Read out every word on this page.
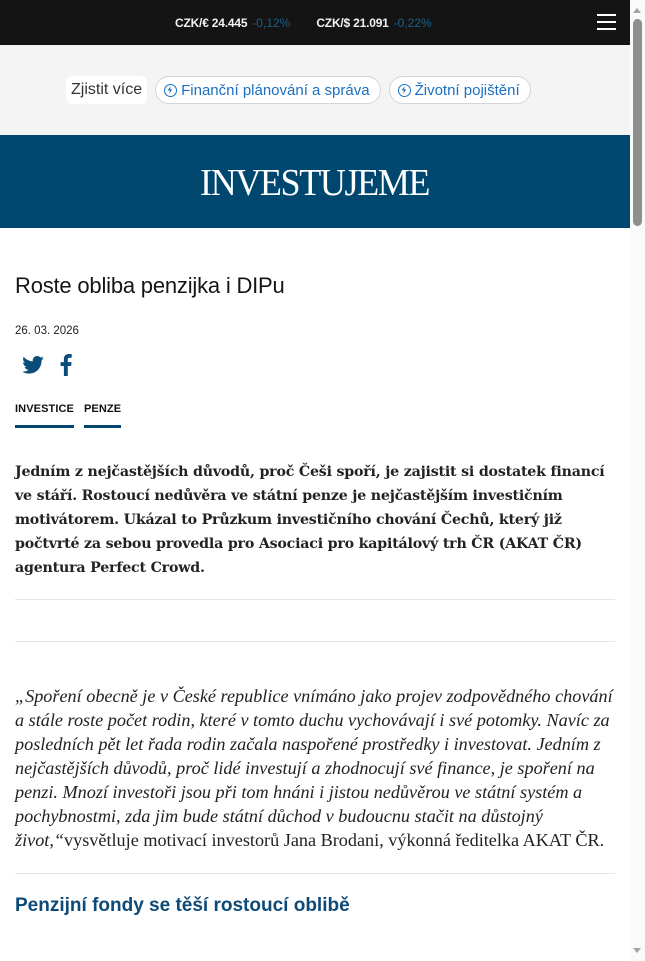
CZK/€ 24.445 -0,12% CZK/$ 21.091 -0,22%
Zjistit více	Finanční plánování a správa	Životní pojištění
INVESTUJEME
Roste obliba penzijka i DIPu
26. 03. 2026
INVESTICE PENZE

Jedním z nejčastějších důvodů, proč Češi spoří, je zajistit si dostatek financí ve stáří. Rostoucí nedůvěra ve státní penze je nejčastějším investičním motivátorem. Ukázal to Průzkum investičního chování Čechů, který již počtvrté za sebou provedla pro Asociaci pro kapitálový trh ČR (AKAT ČR) agentura Perfect Crowd.

„Spoření obecně je v České republice vnímáno jako projev zodpovědného chování a stále roste počet rodin, které v tomto duchu vychovávají i své potomky. Navíc za posledních pět let řada rodin začala naspořené prostředky i investovat. Jedním z nejčastějších důvodů, proč lidé investují a zhodnocují své finance, je spoření na penzi. Mnozí investoři jsou při tom hnáni i jistou nedůvěrou ve státní systém a pochybnostmi, zda jim bude státní důchod v budoucnu stačit na důstojný život,“vysvětluje motivací investorů Jana Brodani, výkonná ředitelka AKAT ČR.

Penzijní fondy se těší rostoucí oblibě
